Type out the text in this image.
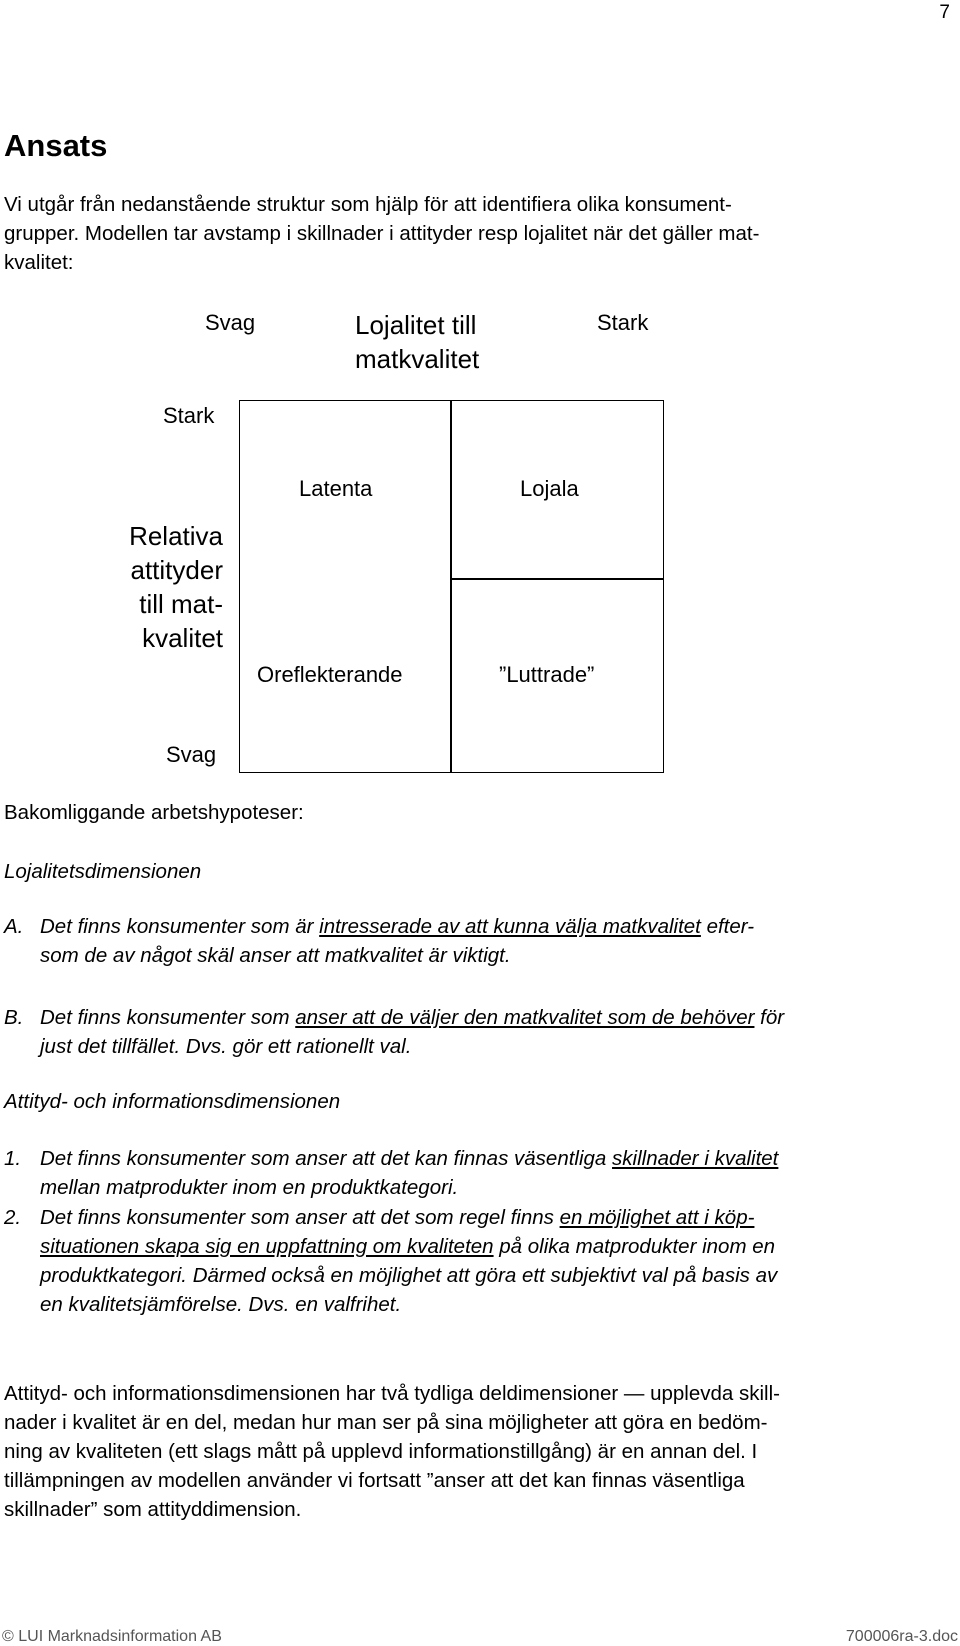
7
Ansats
Vi utgår från nedanstående struktur som hjälp för att identifiera olika konsument-
grupper. Modellen tar avstamp i skillnader i attityder resp lojalitet när det gäller mat-
kvalitet:
Svag	Lojalitet till
matkvalitet
Stark
Stark
Relativa
attityder
till mat-
kvalitet
Svag
Latenta	Lojala
Oreflekterande	”Luttrade”
Bakomliggande arbetshypoteser:
Lojalitetsdimensionen
A. Det finns konsumenter som är intresserade av att kunna välja matkvalitet efter-
som de av något skäl anser att matkvalitet är viktigt.
B. Det finns konsumenter som anser att de väljer den matkvalitet som de behöver för
just det tillfället. Dvs. gör ett rationellt val.
Attityd- och informationsdimensionen
1. Det finns konsumenter som anser att det kan finnas väsentliga skillnader i kvalitet
mellan matprodukter inom en produktkategori.
2. Det finns konsumenter som anser att det som regel finns en möjlighet att i köp-
situationen skapa sig en uppfattning om kvaliteten på olika matprodukter inom en
produktkategori. Därmed också en möjlighet att göra ett subjektivt val på basis av
en kvalitetsjämförelse. Dvs. en valfrihet.
Attityd- och informationsdimensionen har två tydliga deldimensioner — upplevda skill-
nader i kvalitet är en del, medan hur man ser på sina möjligheter att göra en bedöm-
ning av kvaliteten (ett slags mått på upplevd informationstillgång) är en annan del. I
tillämpningen av modellen använder vi fortsatt ”anser att det kan finnas väsentliga
skillnader” som attityddimension.
© LUI Marknadsinformation AB	700006ra-3.doc
